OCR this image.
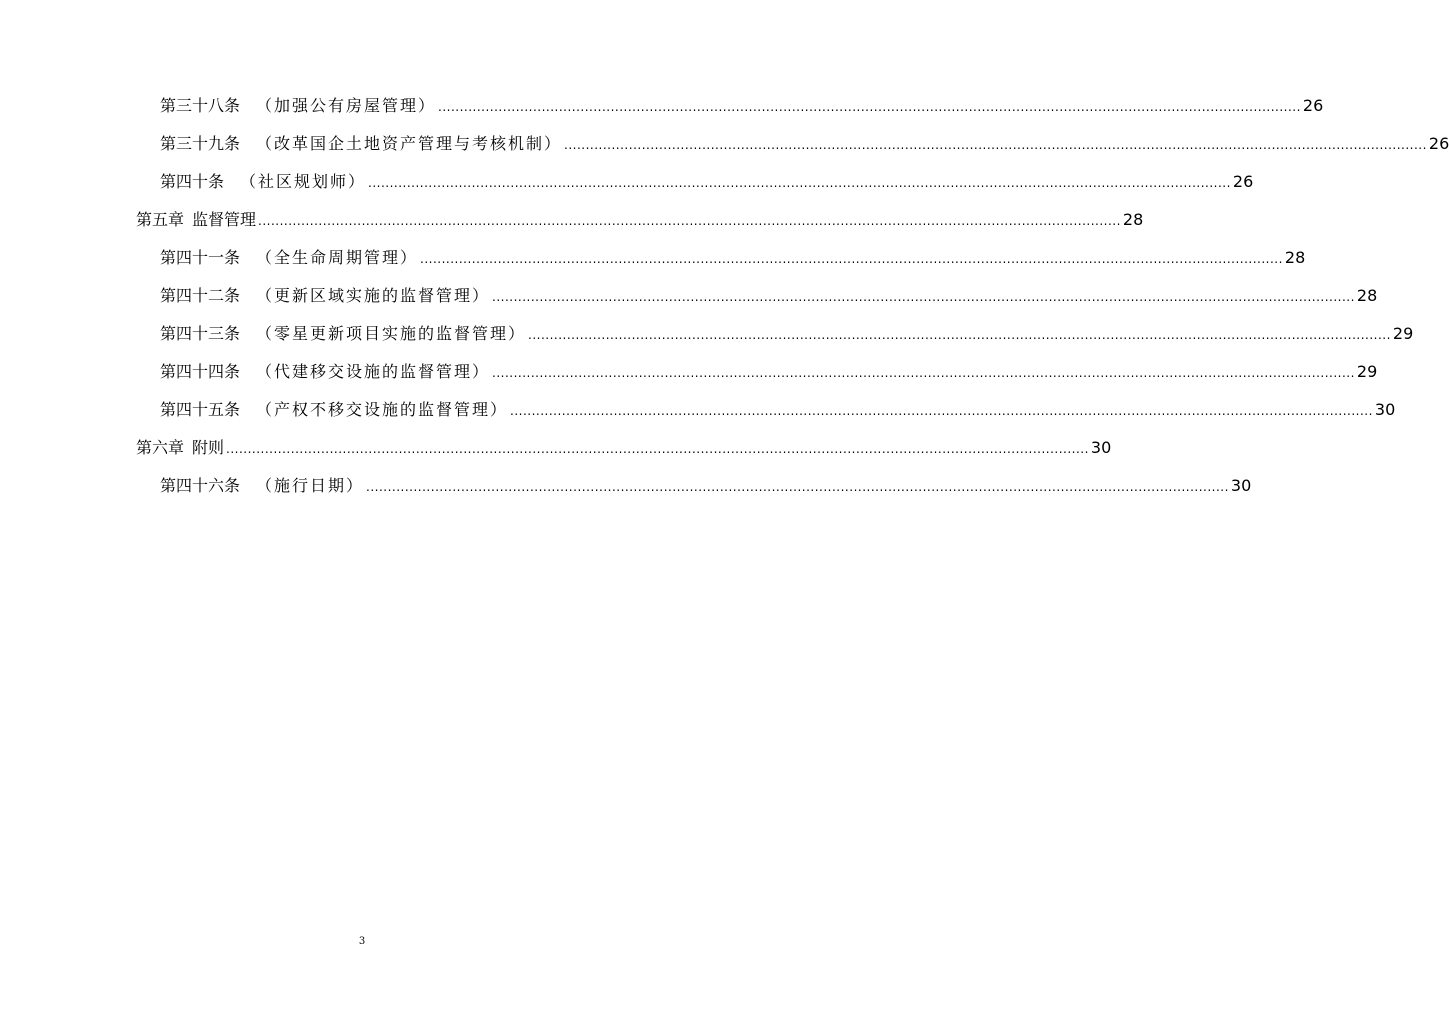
第三十八条 （加强公有房屋管理） ........................................................................................................................................................................................................ 26
第三十九条 （改革国企土地资产管理与考核机制） ........................................................................................................................................................................................................ 26
第四十条 （社区规划师） ........................................................................................................................................................................................................ 26
第五章 监督管理 ........................................................................................................................................................................................................ 28
第四十一条 （全生命周期管理） ........................................................................................................................................................................................................ 28
第四十二条 （更新区域实施的监督管理） ........................................................................................................................................................................................................ 28
第四十三条 （零星更新项目实施的监督管理） ........................................................................................................................................................................................................ 29
第四十四条 （代建移交设施的监督管理） ........................................................................................................................................................................................................ 29
第四十五条 （产权不移交设施的监督管理） ........................................................................................................................................................................................................ 30
第六章 附则 ........................................................................................................................................................................................................ 30
第四十六条 （施行日期） ........................................................................................................................................................................................................ 30
3
